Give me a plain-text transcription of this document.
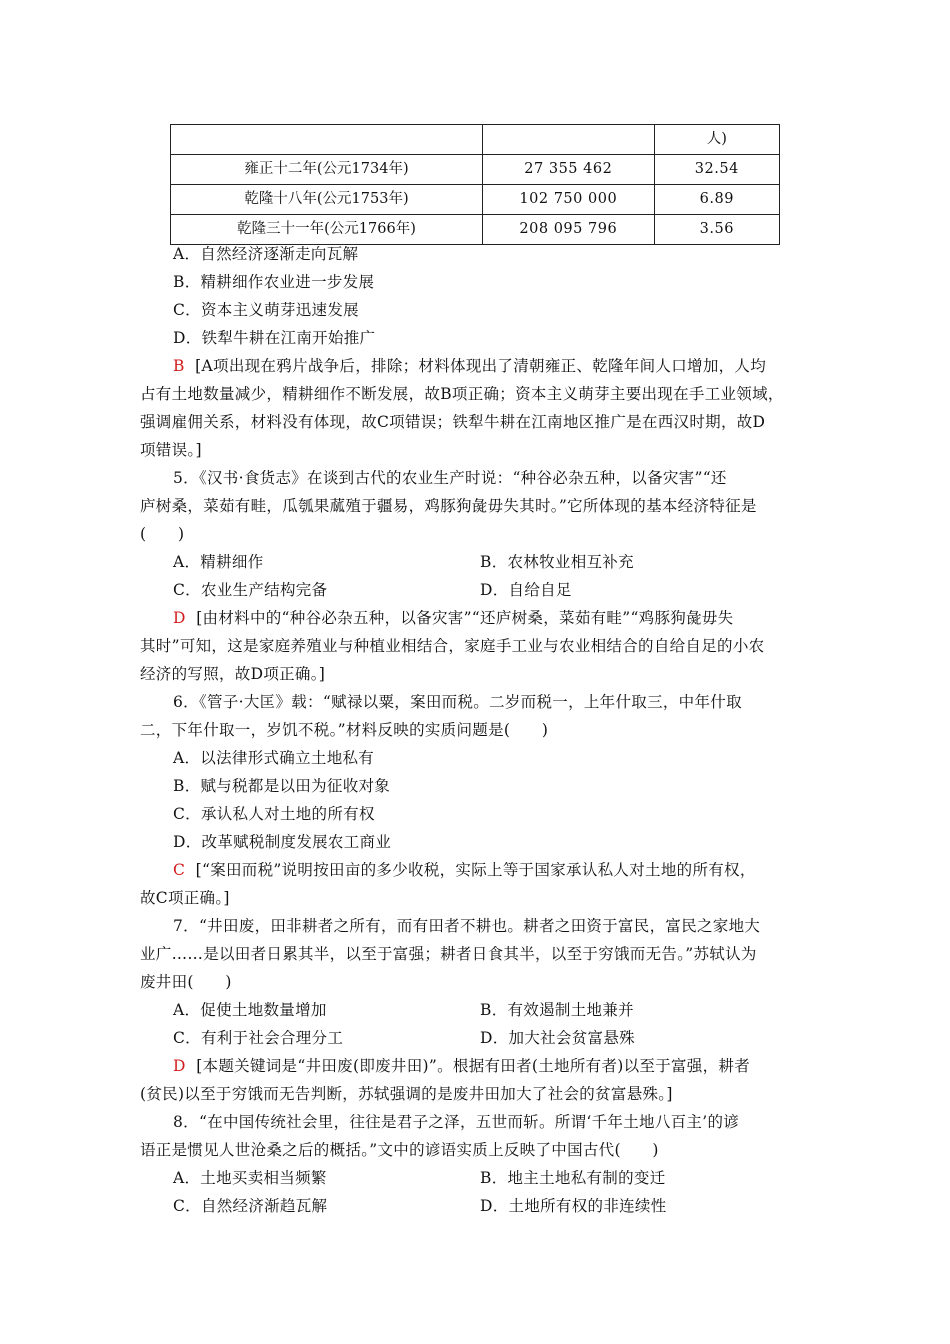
		人)
雍正十二年(公元1734年)	27 355 462	32.54
乾隆十八年(公元1753年)	102 750 000	6.89
乾隆三十一年(公元1766年)	208 095 796	3.56
A．自然经济逐渐走向瓦解
B．精耕细作农业进一步发展
C．资本主义萌芽迅速发展
D．铁犁牛耕在江南开始推广
B [A项出现在鸦片战争后，排除；材料体现出了清朝雍正、乾隆年间人口增加，人均
占有土地数量减少，精耕细作不断发展，故B项正确；资本主义萌芽主要出现在手工业领域，
强调雇佣关系，材料没有体现，故C项错误；铁犁牛耕在江南地区推广是在西汉时期，故D
项错误。]
5．《汉书·食货志》在谈到古代的农业生产时说：“种谷必杂五种，以备灾害”“还
庐树桑，菜茹有畦，瓜瓠果蓏殖于疆易，鸡豚狗彘毋失其时。”它所体现的基本经济特征是
(　　)
A．精耕细作	B．农林牧业相互补充
C．农业生产结构完备	D．自给自足
D [由材料中的“种谷必杂五种，以备灾害”“还庐树桑，菜茹有畦”“鸡豚狗彘毋失
其时”可知，这是家庭养殖业与种植业相结合，家庭手工业与农业相结合的自给自足的小农
经济的写照，故D项正确。]
6．《管子·大匡》载：“赋禄以粟，案田而税。二岁而税一，上年什取三，中年什取
二，下年什取一，岁饥不税。”材料反映的实质问题是(　　)
A．以法律形式确立土地私有
B．赋与税都是以田为征收对象
C．承认私人对土地的所有权
D．改革赋税制度发展农工商业
C [“案田而税”说明按田亩的多少收税，实际上等于国家承认私人对土地的所有权，
故C项正确。]
7．“井田废，田非耕者之所有，而有田者不耕也。耕者之田资于富民，富民之家地大
业广……是以田者日累其半，以至于富强；耕者日食其半，以至于穷饿而无告。”苏轼认为
废井田(　　)
A．促使土地数量增加	B．有效遏制土地兼并
C．有利于社会合理分工	D．加大社会贫富悬殊
D [本题关键词是“井田废(即废井田)”。根据有田者(土地所有者)以至于富强，耕者
(贫民)以至于穷饿而无告判断，苏轼强调的是废井田加大了社会的贫富悬殊。]
8．“在中国传统社会里，往往是君子之泽，五世而斩。所谓‘千年土地八百主’的谚
语正是惯见人世沧桑之后的概括。”文中的谚语实质上反映了中国古代(　　)
A．土地买卖相当频繁	B．地主土地私有制的变迁
C．自然经济渐趋瓦解	D．土地所有权的非连续性
